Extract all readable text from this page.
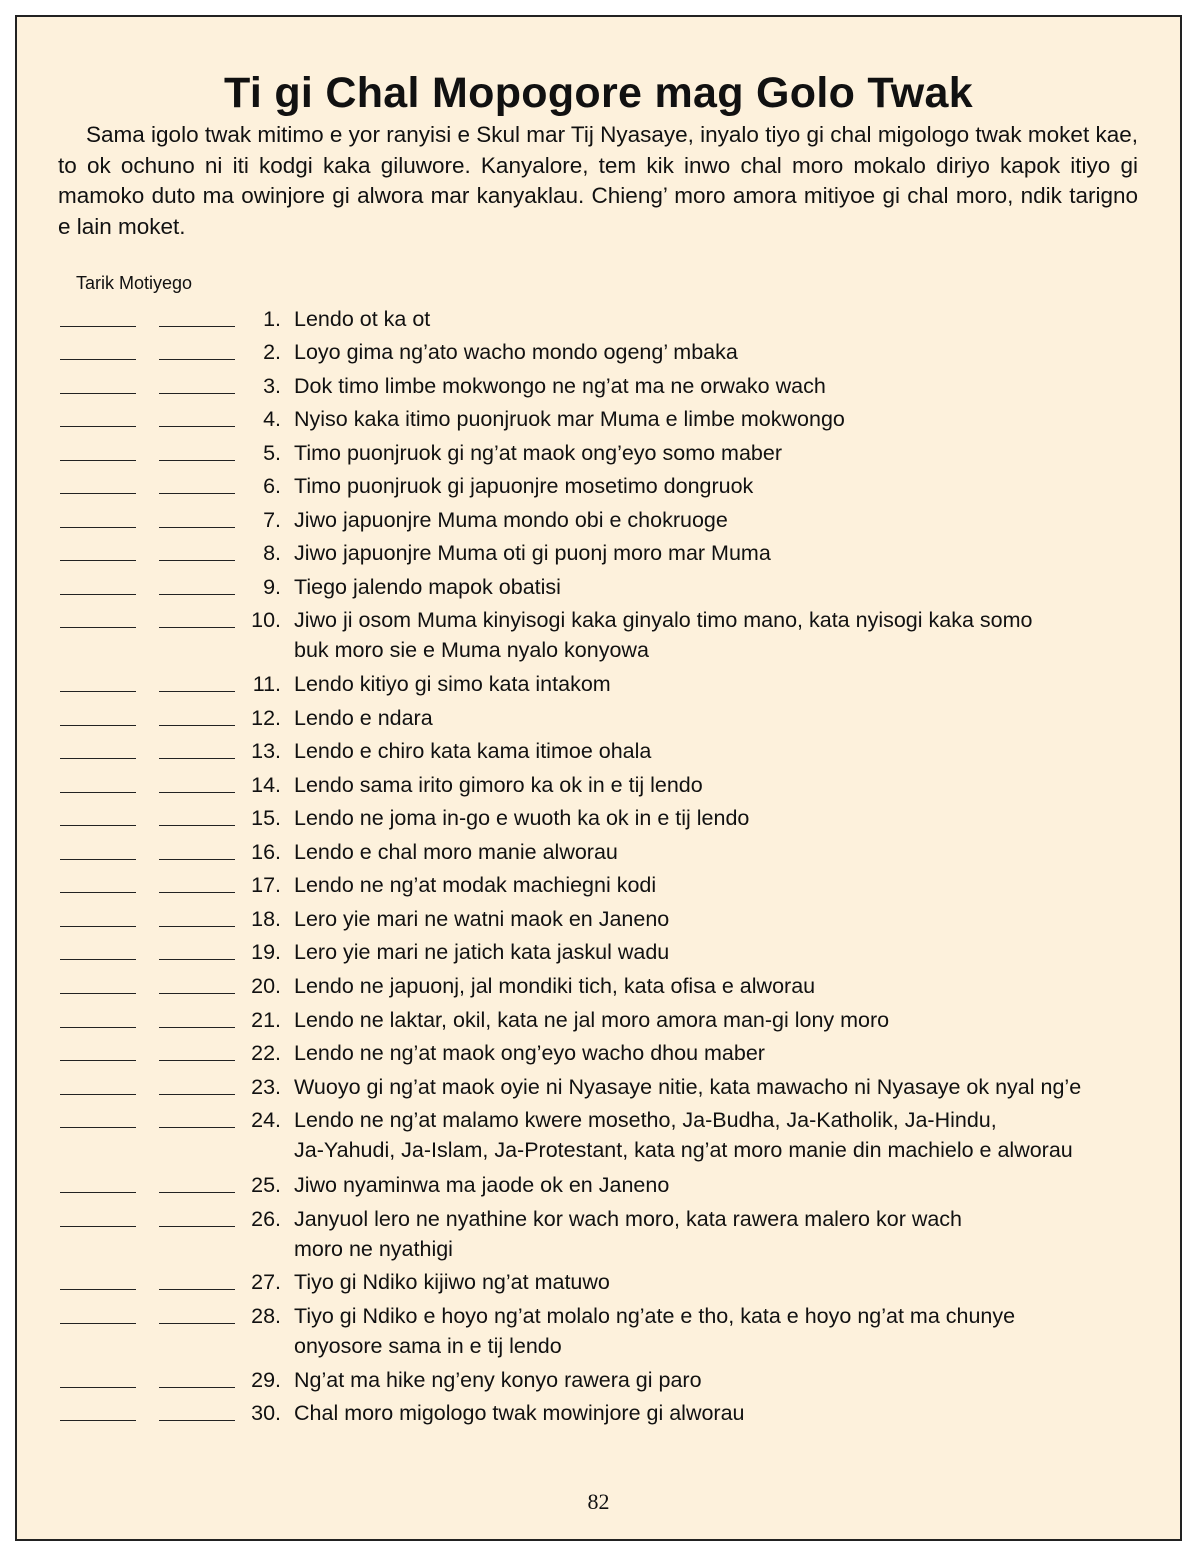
Ti gi Chal Mopogore mag Golo Twak

Sama igolo twak mitimo e yor ranyisi e Skul mar Tij Nyasaye, inyalo tiyo gi chal migologo twak moket kae, to ok ochuno ni iti kodgi kaka giluwore. Kanyalore, tem kik inwo chal moro mokalo diriyo kapok itiyo gi mamoko duto ma owinjore gi alwora mar kanyaklau. Chieng’ moro amora mitiyoe gi chal moro, ndik tarigno e lain moket.

Tarik Motiyego

1. Lendo ot ka ot
2. Loyo gima ng’ato wacho mondo ogeng’ mbaka
3. Dok timo limbe mokwongo ne ng’at ma ne orwako wach
4. Nyiso kaka itimo puonjruok mar Muma e limbe mokwongo
5. Timo puonjruok gi ng’at maok ong’eyo somo maber
6. Timo puonjruok gi japuonjre mosetimo dongruok
7. Jiwo japuonjre Muma mondo obi e chokruoge
8. Jiwo japuonjre Muma oti gi puonj moro mar Muma
9. Tiego jalendo mapok obatisi
10. Jiwo ji osom Muma kinyisogi kaka ginyalo timo mano, kata nyisogi kaka somo
buk moro sie e Muma nyalo konyowa
11. Lendo kitiyo gi simo kata intakom
12. Lendo e ndara
13. Lendo e chiro kata kama itimoe ohala
14. Lendo sama irito gimoro ka ok in e tij lendo
15. Lendo ne joma in-go e wuoth ka ok in e tij lendo
16. Lendo e chal moro manie alworau
17. Lendo ne ng’at modak machiegni kodi
18. Lero yie mari ne watni maok en Janeno
19. Lero yie mari ne jatich kata jaskul wadu
20. Lendo ne japuonj, jal mondiki tich, kata ofisa e alworau
21. Lendo ne laktar, okil, kata ne jal moro amora man-gi lony moro
22. Lendo ne ng’at maok ong’eyo wacho dhou maber
23. Wuoyo gi ng’at maok oyie ni Nyasaye nitie, kata mawacho ni Nyasaye ok nyal ng’e
24. Lendo ne ng’at malamo kwere mosetho, Ja-Budha, Ja-Katholik, Ja-Hindu,
Ja-Yahudi, Ja-Islam, Ja-Protestant, kata ng’at moro manie din machielo e alworau
25. Jiwo nyaminwa ma jaode ok en Janeno
26. Janyuol lero ne nyathine kor wach moro, kata rawera malero kor wach
moro ne nyathigi
27. Tiyo gi Ndiko kijiwo ng’at matuwo
28. Tiyo gi Ndiko e hoyo ng’at molalo ng’ate e tho, kata e hoyo ng’at ma chunye
onyosore sama in e tij lendo
29. Ng’at ma hike ng’eny konyo rawera gi paro
30. Chal moro migologo twak mowinjore gi alworau
82
